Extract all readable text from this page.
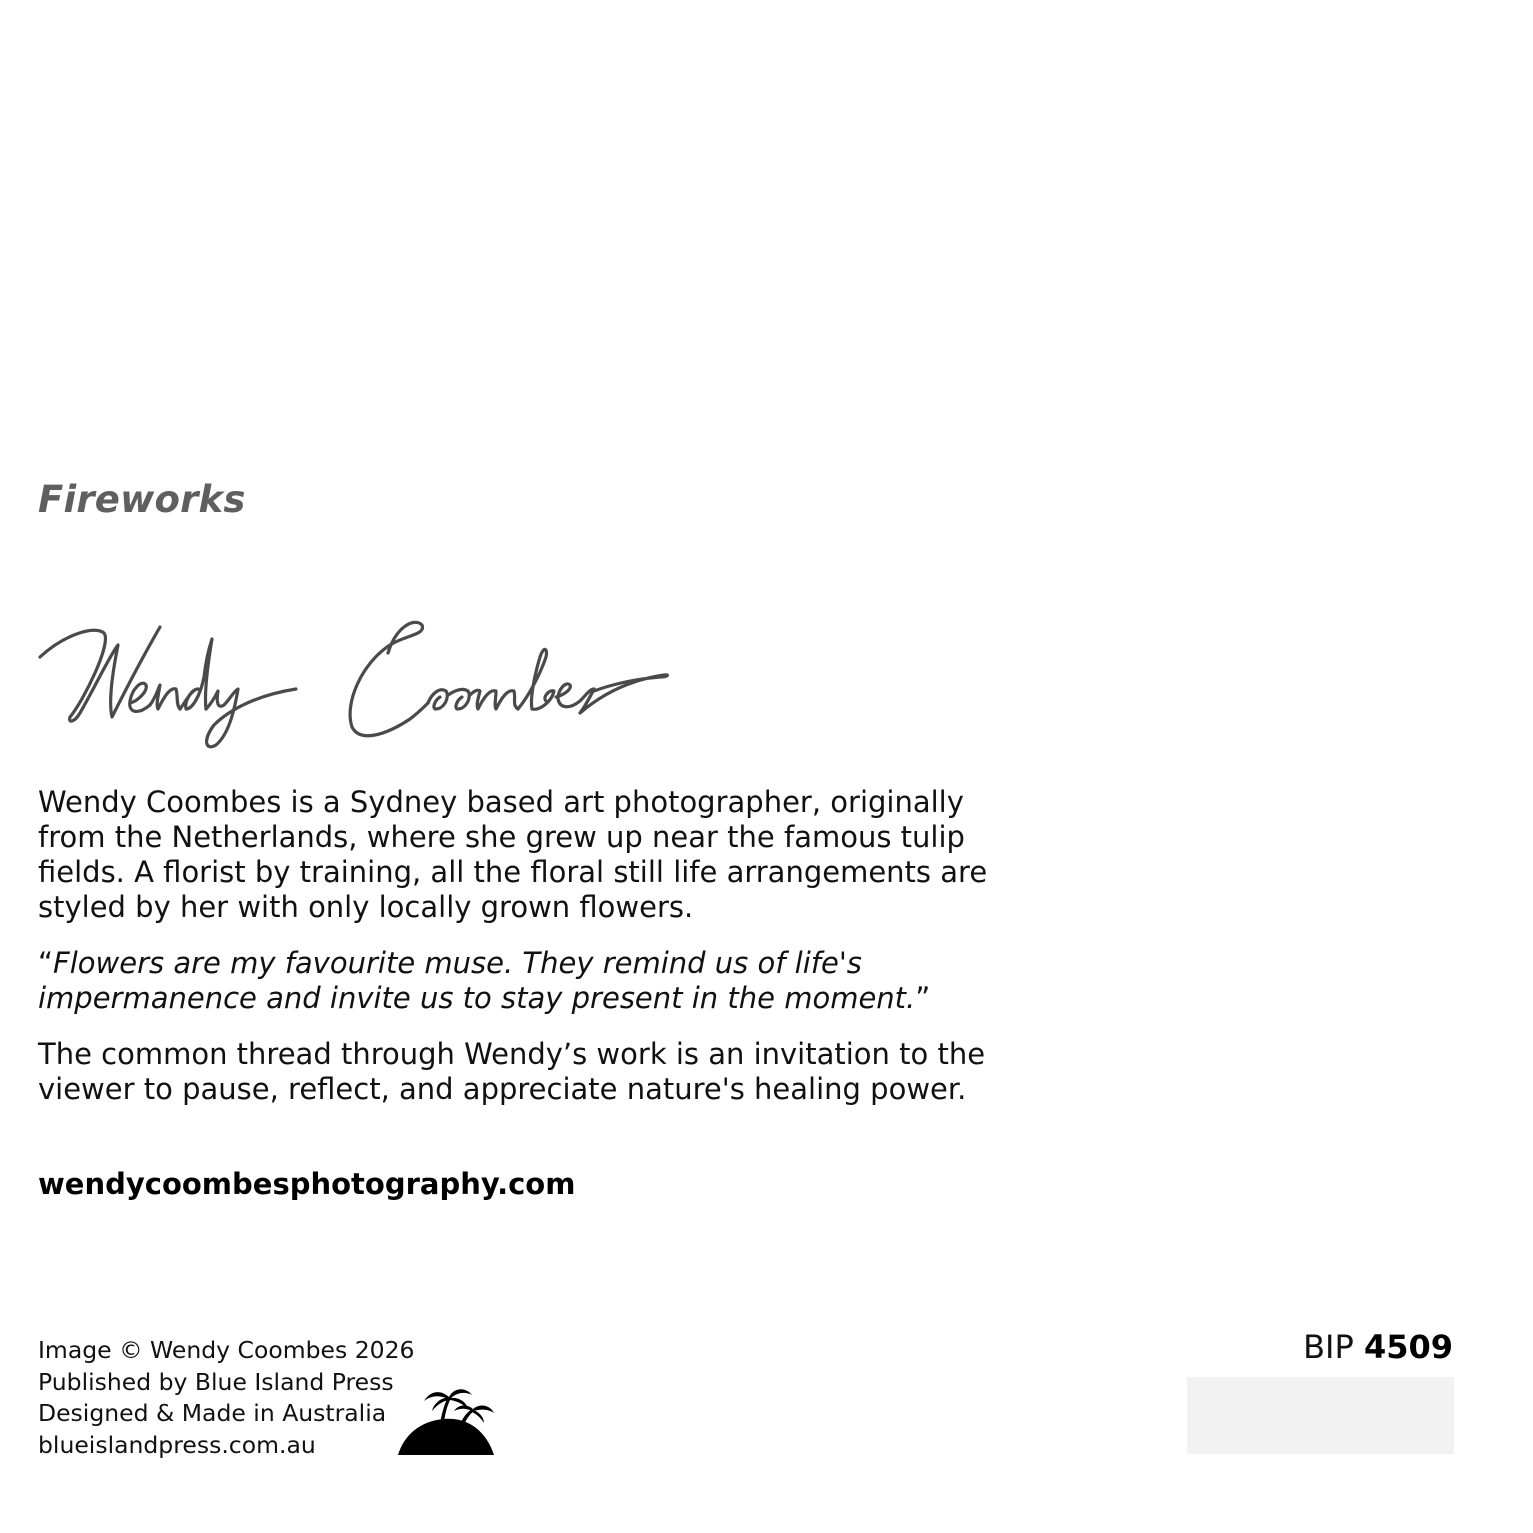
Fireworks

Wendy Coombes is a Sydney based art photographer, originally from the Netherlands, where she grew up near the famous tulip fields. A florist by training, all the floral still life arrangements are styled by her with only locally grown flowers.

“Flowers are my favourite muse. They remind us of life's impermanence and invite us to stay present in the moment.”

The common thread through Wendy’s work is an invitation to the viewer to pause, reflect, and appreciate nature's healing power.

wendycoombesphotography.com
Image © Wendy Coombes 2026
Published by Blue Island Press
Designed & Made in Australia
blueislandpress.com.au
BIP 4509
